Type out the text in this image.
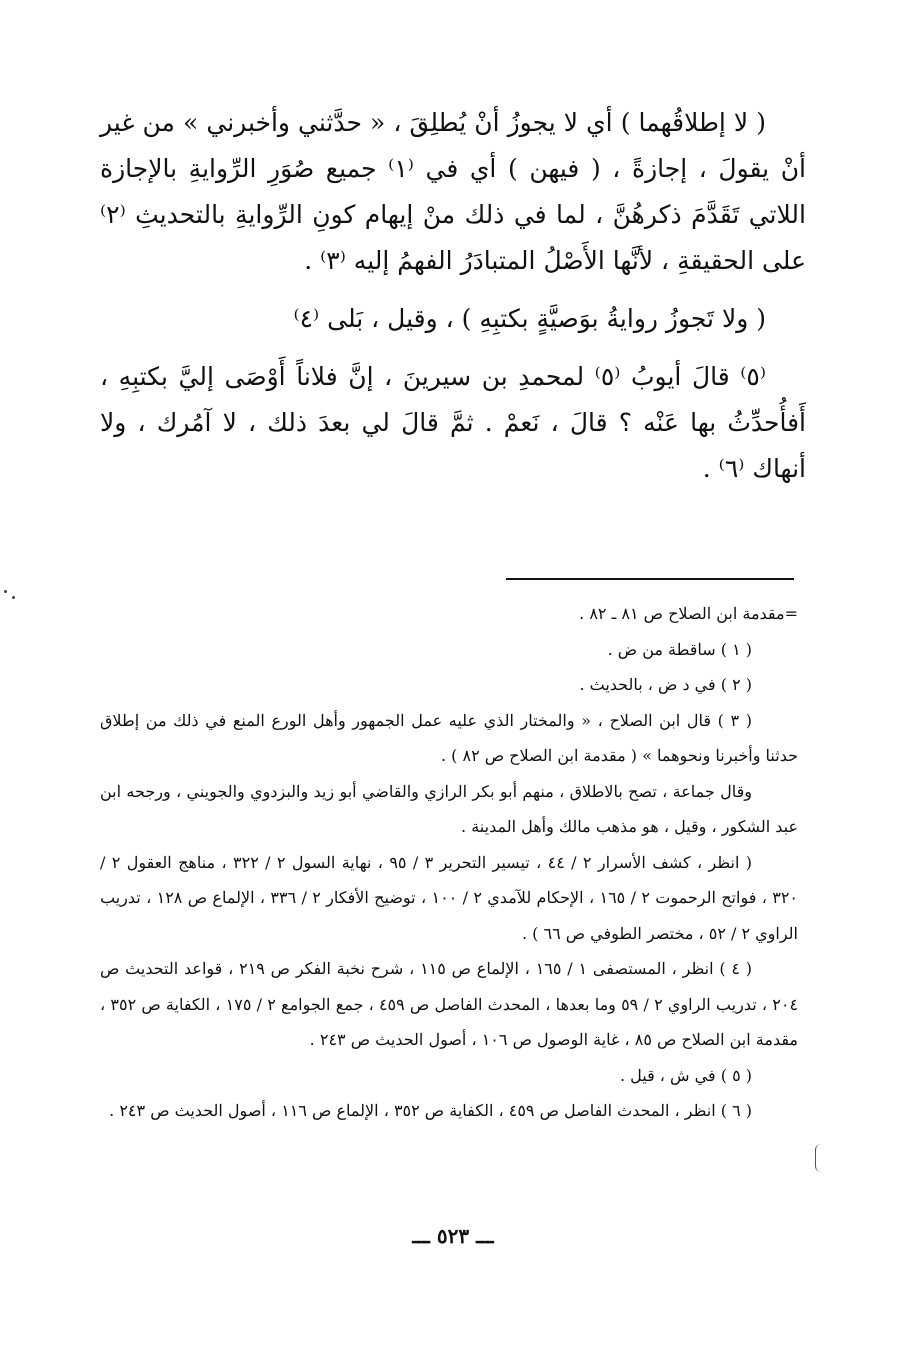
( لا إطلاقُهما ) أي لا يجوزُ أنْ يُطلِقَ ، « حدَّثني وأخبرني » من غير أنْ يقولَ ، إجازةً ، ( فيهن ) أي في ⁽١⁾ جميع صُوَرِ الرِّوايةِ بالإجازة اللاتي تَقَدَّمَ ذكرهُنَّ ، لما في ذلك منْ إيهام كونِ الرِّوايةِ بالتحديثِ ⁽٢⁾ على الحقيقةِ ، لأنَّها الأَصْلُ المتبادَرُ الفهمُ إليه ⁽٣⁾ .

( ولا تَجوزُ روايةُ بوَصيَّةٍ بكتبِهِ ) ، وقيل ، بَلى ⁽٤⁾

⁽٥⁾ قالَ أيوبُ ⁽٥⁾ لمحمدِ بن سيرينَ ، إنَّ فلاناً أَوْصَى إليَّ بكتبِهِ ، أَفأُحدِّثُ بها عَنْه ؟ قالَ ، نَعمْ . ثمَّ قالَ لي بعدَ ذلك ، لا آمُرك ، ولا أنهاك ⁽٦⁾ .

=مقدمة ابن الصلاح ص ٨١ ـ ٨٢ .

( ١ ) ساقطة من ض .

( ٢ ) في د ض ، بالحديث .

( ٣ ) قال ابن الصلاح ، « والمختار الذي عليه عمل الجمهور وأهل الورع المنع في ذلك من إطلاق حدثنا وأخبرنا ونحوهما » ( مقدمة ابن الصلاح ص ٨٢ ) .

وقال جماعة ، تصح بالاطلاق ، منهم أبو بكر الرازي والقاضي أبو زيد والبزدوي والجويني ، ورجحه ابن عبد الشكور ، وقيل ، هو مذهب مالك وأهل المدينة .

( انظر ، كشف الأسرار ٢ / ٤٤ ، تيسير التحرير ٣ / ٩٥ ، نهاية السول ٢ / ٣٢٢ ، مناهج العقول ٢ / ٣٢٠ ، فواتح الرحموت ٢ / ١٦٥ ، الإحكام للآمدي ٢ / ١٠٠ ، توضيح الأفكار ٢ / ٣٣٦ ، الإلماع ص ١٢٨ ، تدريب الراوي ٢ / ٥٢ ، مختصر الطوفي ص ٦٦ ) .

( ٤ ) انظر ، المستصفى ١ / ١٦٥ ، الإلماع ص ١١٥ ، شرح نخبة الفكر ص ٢١٩ ، قواعد التحديث ص ٢٠٤ ، تدريب الراوي ٢ / ٥٩ وما بعدها ، المحدث الفاصل ص ٤٥٩ ، جمع الجوامع ٢ / ١٧٥ ، الكفاية ص ٣٥٢ ، مقدمة ابن الصلاح ص ٨٥ ، غاية الوصول ص ١٠٦ ، أصول الحديث ص ٢٤٣ .

( ٥ ) في ش ، قيل .

( ٦ ) انظر ، المحدث الفاصل ص ٤٥٩ ، الكفاية ص ٣٥٢ ، الإلماع ص ١١٦ ، أصول الحديث ص ٢٤٣ .

ـــ ٥٢٣ ـــ
